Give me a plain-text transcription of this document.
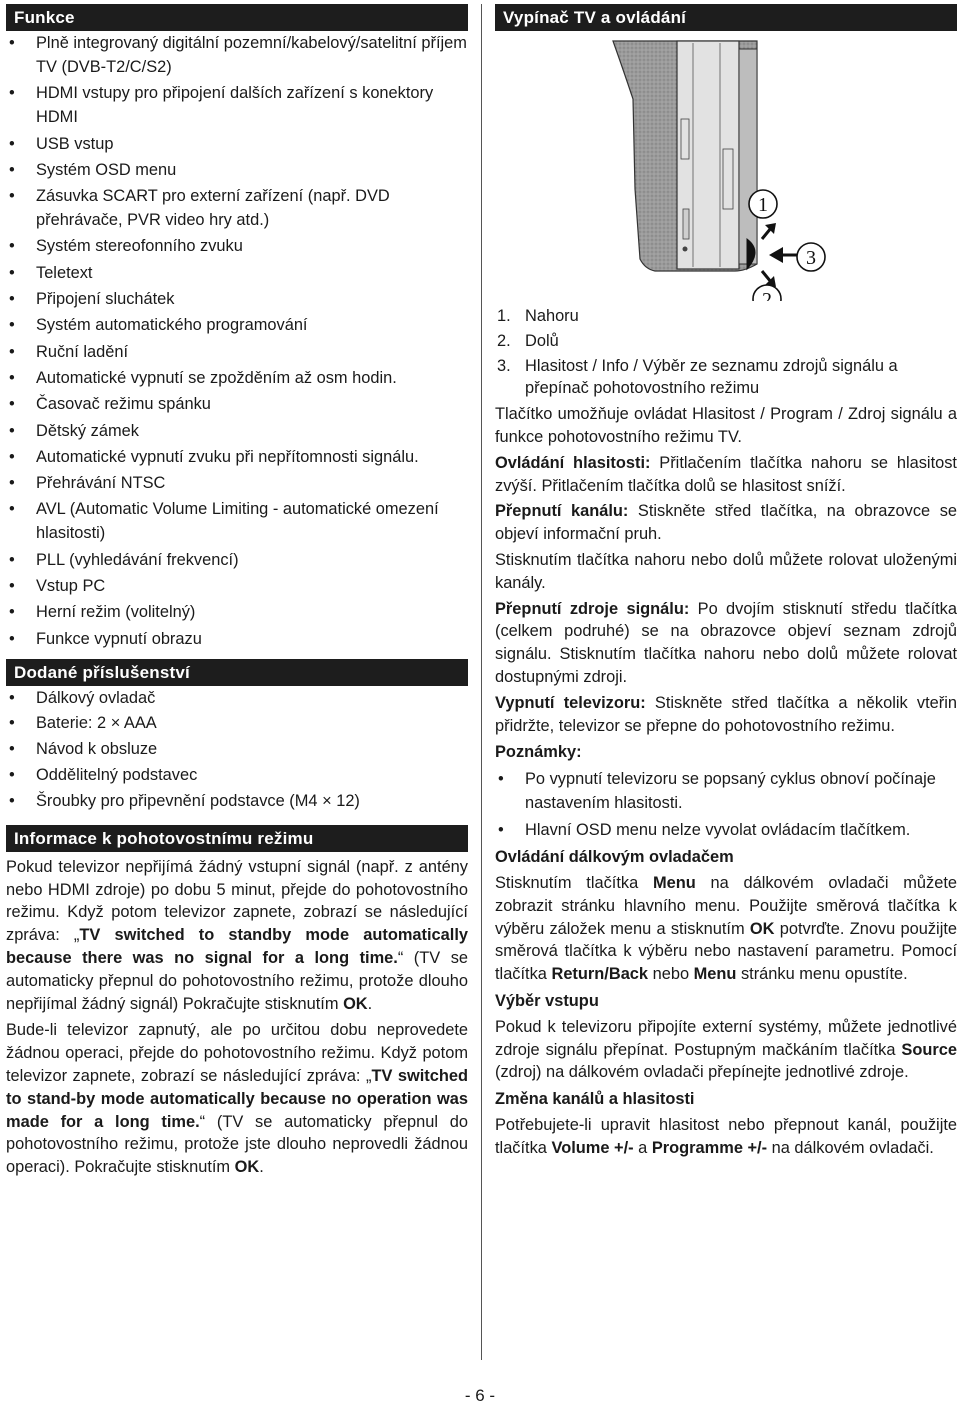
Funkce
• Plně integrovaný digitální pozemní/kabelový/satelitní příjem TV (DVB-T2/C/S2)
• HDMI vstupy pro připojení dalších zařízení s konektory HDMI
• USB vstup
• Systém OSD menu
• Zásuvka SCART pro externí zařízení (např. DVD přehrávače, PVR video hry atd.)
• Systém stereofonního zvuku
• Teletext
• Připojení sluchátek
• Systém automatického programování
• Ruční ladění
• Automatické vypnutí se zpožděním až osm hodin.
• Časovač režimu spánku
• Dětský zámek
• Automatické vypnutí zvuku při nepřítomnosti signálu.
• Přehrávání NTSC
• AVL (Automatic Volume Limiting - automatické omezení hlasitosti)
• PLL (vyhledávání frekvencí)
• Vstup PC
• Herní režim (volitelný)
• Funkce vypnutí obrazu
Dodané příslušenství
• Dálkový ovladač
• Baterie: 2 × AAA
• Návod k obsluze
• Oddělitelný podstavec
• Šroubky pro připevnění podstavce (M4 × 12)
Informace k pohotovostnímu režimu

Pokud televizor nepřijímá žádný vstupní signál (např. z antény nebo HDMI zdroje) po dobu 5 minut, přejde do pohotovostního režimu. Když potom televizor zapnete, zobrazí se následující zpráva: „TV switched to standby mode automatically because there was no signal for a long time.“ (TV se automaticky přepnul do pohotovostního režimu, protože dlouho nepřijímal žádný signál) Pokračujte stisknutím OK.

Bude-li televizor zapnutý, ale po určitou dobu neprovedete žádnou operaci, přejde do pohotovostního režimu. Když potom televizor zapnete, zobrazí se následující zpráva: „TV switched to stand-by mode automatically because no operation was made for a long time.“ (TV se automaticky přepnul do pohotovostního režimu, protože jste dlouho neprovedli žádnou operaci). Pokračujte stisknutím OK.

Vypínač TV a ovládání
1
3
2
1. Nahoru
2. Dolů
3. Hlasitost / Info / Výběr ze seznamu zdrojů signálu a přepínač pohotovostního režimu

Tlačítko umožňuje ovládat Hlasitost / Program / Zdroj signálu a funkce pohotovostního režimu TV.

Ovládání hlasitosti: Přitlačením tlačítka nahoru se hlasitost zvýší. Přitlačením tlačítka dolů se hlasitost sníží.

Přepnutí kanálu: Stiskněte střed tlačítka, na obrazovce se objeví informační pruh.

Stisknutím tlačítka nahoru nebo dolů můžete rolovat uloženými kanály.

Přepnutí zdroje signálu: Po dvojím stisknutí středu tlačítka (celkem podruhé) se na obrazovce objeví seznam zdrojů signálu. Stisknutím tlačítka nahoru nebo dolů můžete rolovat dostupnými zdroji.

Vypnutí televizoru: Stiskněte střed tlačítka a několik vteřin přidržte, televizor se přepne do pohotovostního režimu.

Poznámky:

• Po vypnutí televizoru se popsaný cyklus obnoví počínaje nastavením hlasitosti.
• Hlavní OSD menu nelze vyvolat ovládacím tlačítkem.

Ovládání dálkovým ovladačem

Stisknutím tlačítka Menu na dálkovém ovladači můžete zobrazit stránku hlavního menu. Použijte směrová tlačítka k výběru záložek menu a stisknutím OK potvrďte. Znovu použijte směrová tlačítka k výběru nebo nastavení parametru. Pomocí tlačítka Return/Back nebo Menu stránku menu opustíte.

Výběr vstupu

Pokud k televizoru připojíte externí systémy, můžete jednotlivé zdroje signálu přepínat. Postupným mačkáním tlačítka Source (zdroj) na dálkovém ovladači přepínejte jednotlivé zdroje.

Změna kanálů a hlasitosti

Potřebujete-li upravit hlasitost nebo přepnout kanál, použijte tlačítka Volume +/- a Programme +/- na dálkovém ovladači.

- 6 -
